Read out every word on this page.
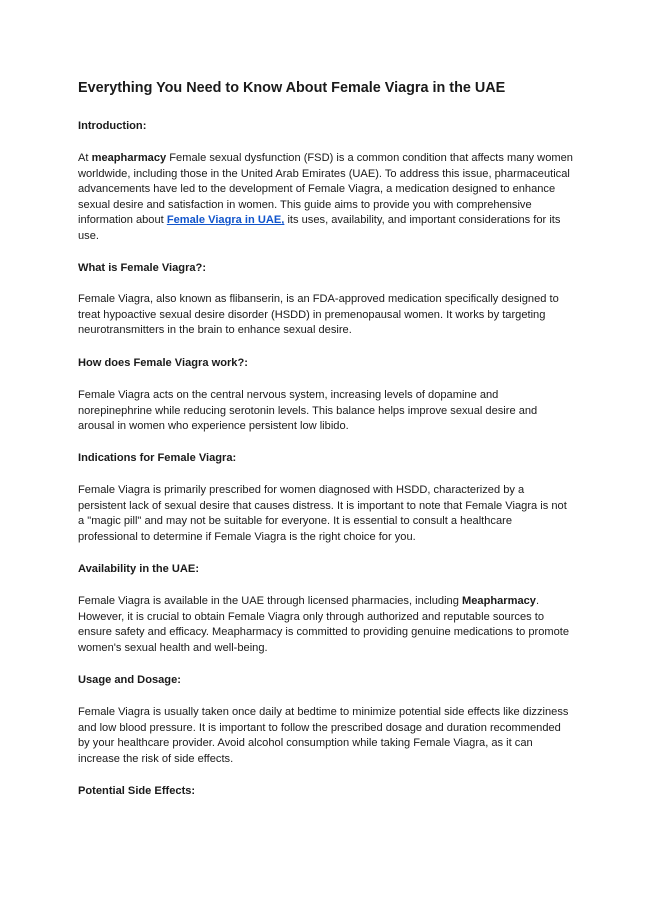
Everything You Need to Know About Female Viagra in the UAE
Introduction:

At meapharmacy Female sexual dysfunction (FSD) is a common condition that affects many women worldwide, including those in the United Arab Emirates (UAE). To address this issue, pharmaceutical advancements have led to the development of Female Viagra, a medication designed to enhance sexual desire and satisfaction in women. This guide aims to provide you with comprehensive information about Female Viagra in UAE, its uses, availability, and important considerations for its use.

What is Female Viagra?:

Female Viagra, also known as flibanserin, is an FDA-approved medication specifically designed to treat hypoactive sexual desire disorder (HSDD) in premenopausal women. It works by targeting neurotransmitters in the brain to enhance sexual desire.

How does Female Viagra work?:

Female Viagra acts on the central nervous system, increasing levels of dopamine and norepinephrine while reducing serotonin levels. This balance helps improve sexual desire and arousal in women who experience persistent low libido.

Indications for Female Viagra:

Female Viagra is primarily prescribed for women diagnosed with HSDD, characterized by a persistent lack of sexual desire that causes distress. It is important to note that Female Viagra is not a "magic pill" and may not be suitable for everyone. It is essential to consult a healthcare professional to determine if Female Viagra is the right choice for you.

Availability in the UAE:

Female Viagra is available in the UAE through licensed pharmacies, including Meapharmacy. However, it is crucial to obtain Female Viagra only through authorized and reputable sources to ensure safety and efficacy. Meapharmacy is committed to providing genuine medications to promote women's sexual health and well-being.

Usage and Dosage:

Female Viagra is usually taken once daily at bedtime to minimize potential side effects like dizziness and low blood pressure. It is important to follow the prescribed dosage and duration recommended by your healthcare provider. Avoid alcohol consumption while taking Female Viagra, as it can increase the risk of side effects.

Potential Side Effects:
